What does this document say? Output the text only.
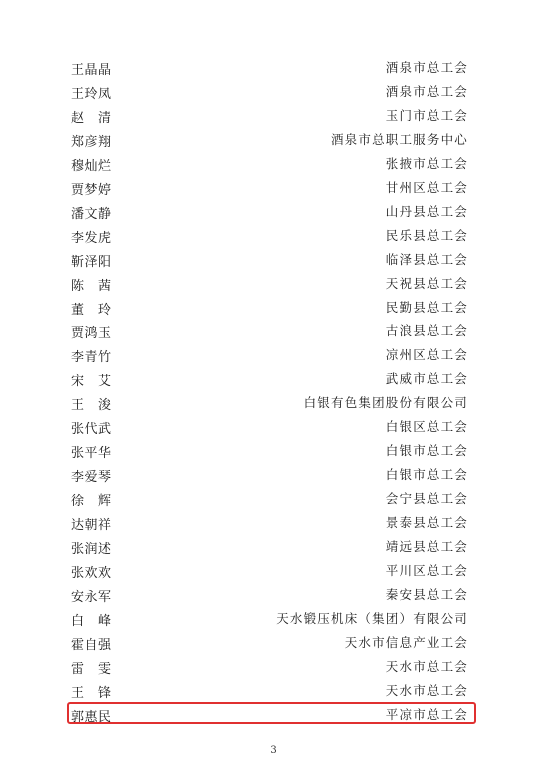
王晶晶	酒泉市总工会
王玲凤	酒泉市总工会
赵　清	玉门市总工会
郑彦翔	酒泉市总职工服务中心
穆灿烂	张掖市总工会
贾梦婷	甘州区总工会
潘文静	山丹县总工会
李发虎	民乐县总工会
靳泽阳	临泽县总工会
陈　茜	天祝县总工会
董　玲	民勤县总工会
贾鸿玉	古浪县总工会
李青竹	凉州区总工会
宋　艾	武威市总工会
王　浚	白银有色集团股份有限公司
张代武	白银区总工会
张平华	白银市总工会
李爱琴	白银市总工会
徐　辉	会宁县总工会
达朝祥	景泰县总工会
张润述	靖远县总工会
张欢欢	平川区总工会
安永军	秦安县总工会
白　峰	天水锻压机床（集团）有限公司
霍自强	天水市信息产业工会
雷　雯	天水市总工会
王　锋	天水市总工会
郭惠民	平凉市总工会
3
